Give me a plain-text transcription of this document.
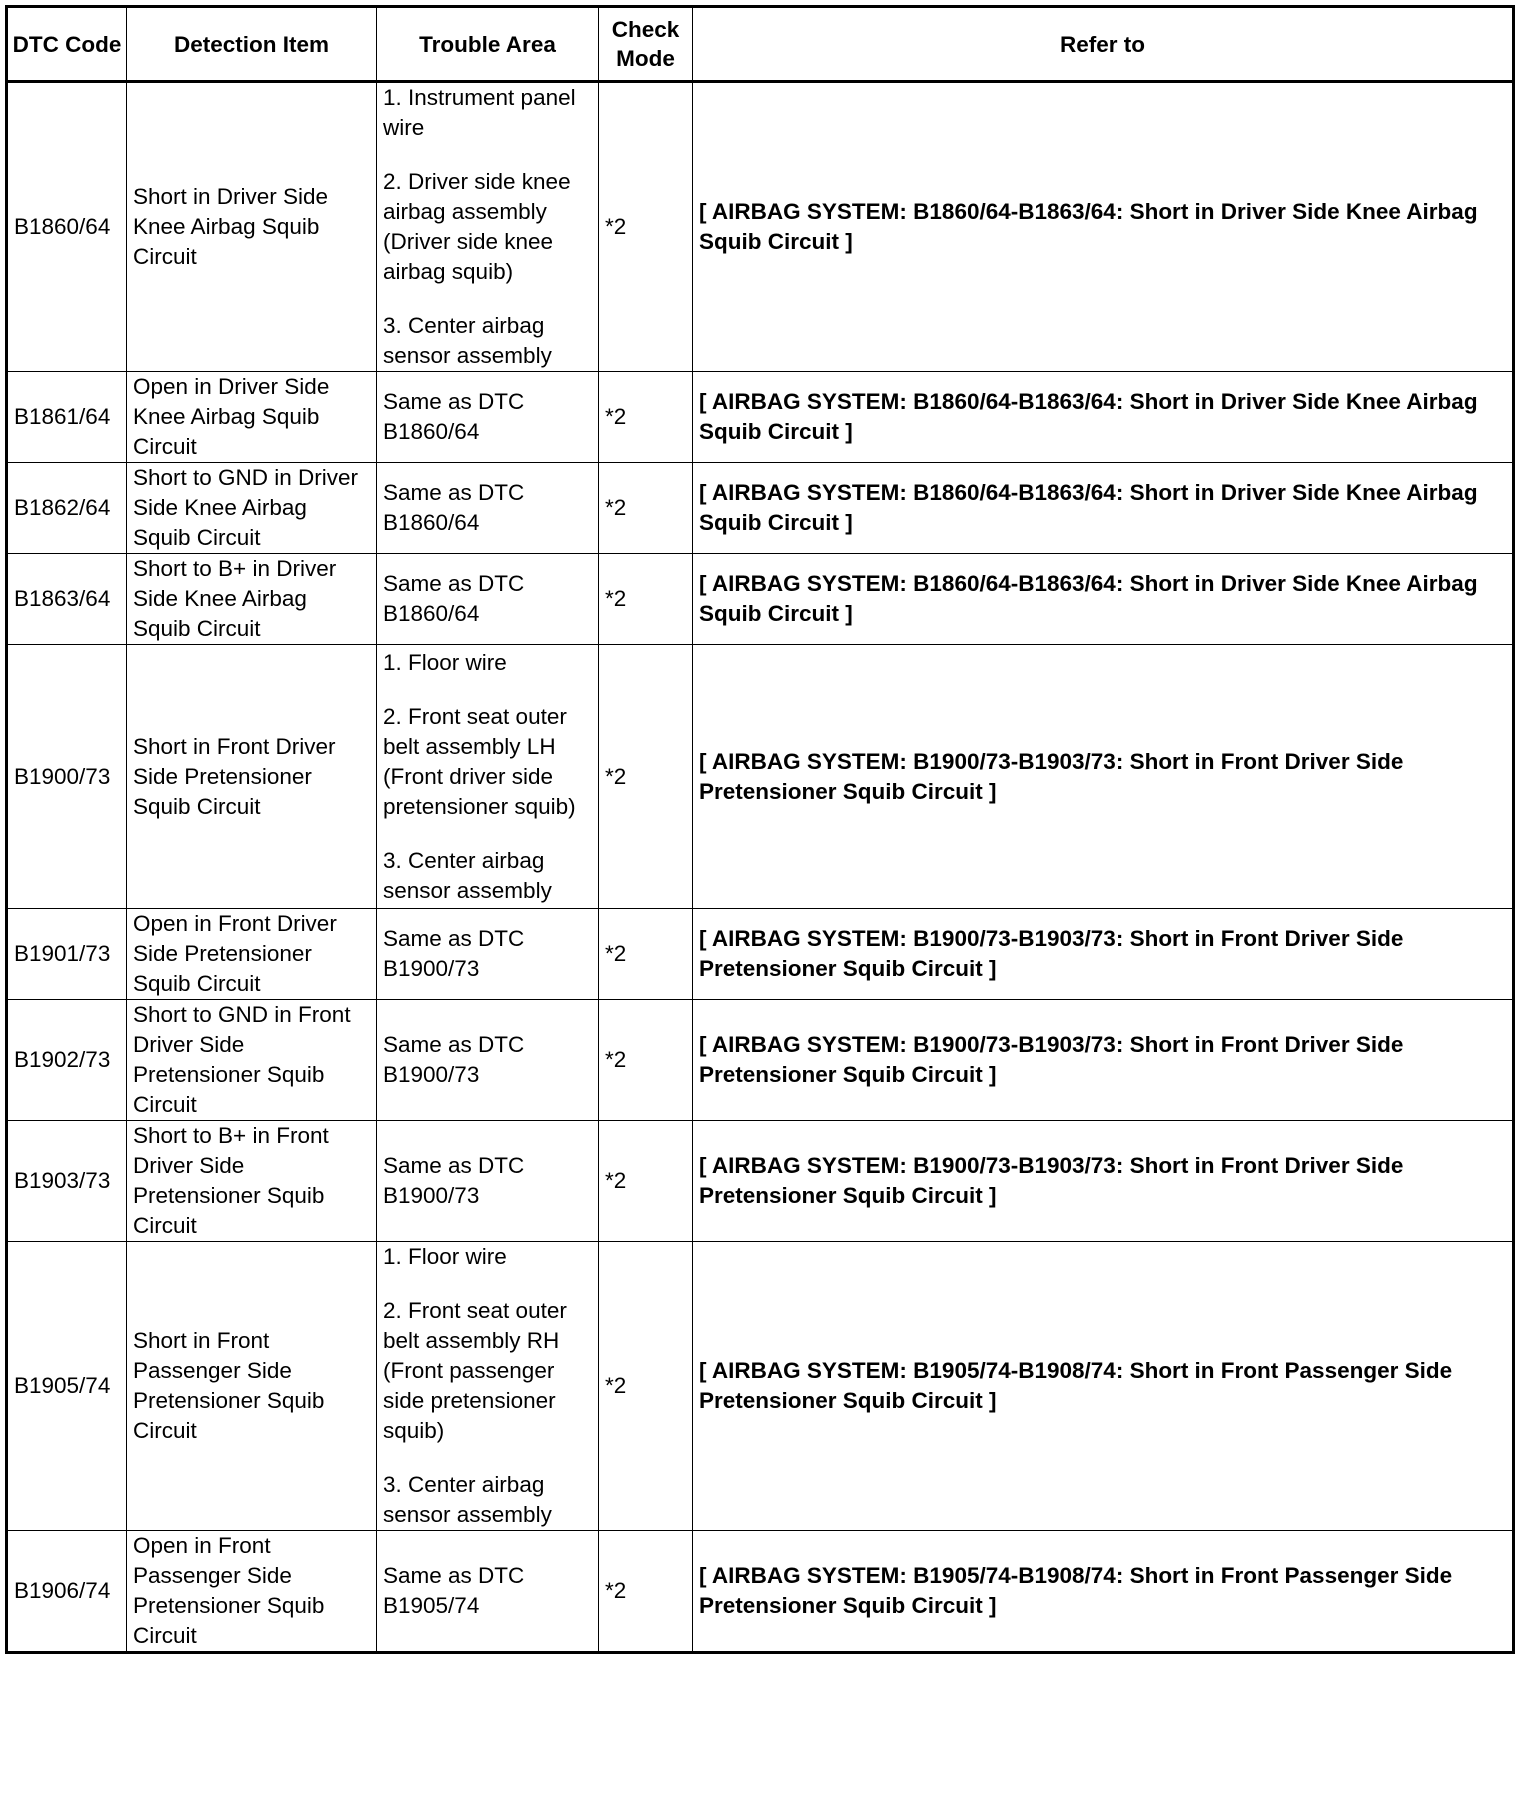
DTC Code	Detection Item	Trouble Area	Check Mode	Refer to
B1860/64	Short in Driver Side Knee Airbag Squib Circuit	1. Instrument panel wire
2. Driver side knee airbag assembly (Driver side knee airbag squib)
3. Center airbag sensor assembly	*2	[ AIRBAG SYSTEM: B1860/64-B1863/64: Short in Driver Side Knee Airbag Squib Circuit ]
B1861/64	Open in Driver Side Knee Airbag Squib Circuit	Same as DTC B1860/64	*2	[ AIRBAG SYSTEM: B1860/64-B1863/64: Short in Driver Side Knee Airbag Squib Circuit ]
B1862/64	Short to GND in Driver Side Knee Airbag Squib Circuit	Same as DTC B1860/64	*2	[ AIRBAG SYSTEM: B1860/64-B1863/64: Short in Driver Side Knee Airbag Squib Circuit ]
B1863/64	Short to B+ in Driver Side Knee Airbag Squib Circuit	Same as DTC B1860/64	*2	[ AIRBAG SYSTEM: B1860/64-B1863/64: Short in Driver Side Knee Airbag Squib Circuit ]
B1900/73	Short in Front Driver Side Pretensioner Squib Circuit	1. Floor wire
2. Front seat outer belt assembly LH (Front driver side pretensioner squib)
3. Center airbag sensor assembly	*2	[ AIRBAG SYSTEM: B1900/73-B1903/73: Short in Front Driver Side Pretensioner Squib Circuit ]
B1901/73	Open in Front Driver Side Pretensioner Squib Circuit	Same as DTC B1900/73	*2	[ AIRBAG SYSTEM: B1900/73-B1903/73: Short in Front Driver Side Pretensioner Squib Circuit ]
B1902/73	Short to GND in Front Driver Side Pretensioner Squib Circuit	Same as DTC B1900/73	*2	[ AIRBAG SYSTEM: B1900/73-B1903/73: Short in Front Driver Side Pretensioner Squib Circuit ]
B1903/73	Short to B+ in Front Driver Side Pretensioner Squib Circuit	Same as DTC B1900/73	*2	[ AIRBAG SYSTEM: B1900/73-B1903/73: Short in Front Driver Side Pretensioner Squib Circuit ]
B1905/74	Short in Front Passenger Side Pretensioner Squib Circuit	1. Floor wire
2. Front seat outer belt assembly RH (Front passenger side pretensioner squib)
3. Center airbag sensor assembly	*2	[ AIRBAG SYSTEM: B1905/74-B1908/74: Short in Front Passenger Side Pretensioner Squib Circuit ]
B1906/74	Open in Front Passenger Side Pretensioner Squib Circuit	Same as DTC B1905/74	*2	[ AIRBAG SYSTEM: B1905/74-B1908/74: Short in Front Passenger Side Pretensioner Squib Circuit ]
